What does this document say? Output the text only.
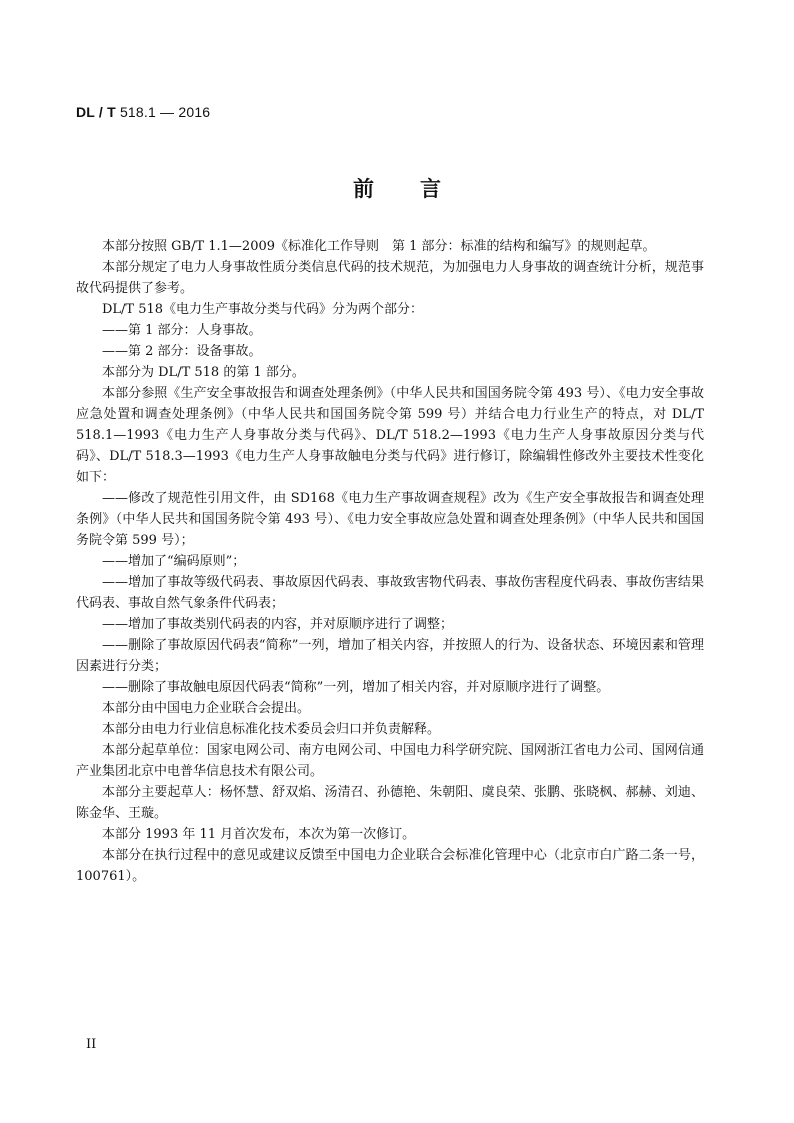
DL / T 518.1 — 2016
前言

本部分按照 GB/T 1.1—2009《标准化工作导则　第 1 部分：标准的结构和编写》的规则起草。

本部分规定了电力人身事故性质分类信息代码的技术规范，为加强电力人身事故的调查统计分析，规范事故代码提供了参考。

DL/T 518《电力生产事故分类与代码》分为两个部分：

——第 1 部分：人身事故。

——第 2 部分：设备事故。

本部分为 DL/T 518 的第 1 部分。

本部分参照《生产安全事故报告和调查处理条例》（中华人民共和国国务院令第 493 号）、《电力安全事故应急处置和调查处理条例》（中华人民共和国国务院令第 599 号）并结合电力行业生产的特点，对 DL/T 518.1—1993《电力生产人身事故分类与代码》、DL/T 518.2—1993《电力生产人身事故原因分类与代码》、DL/T 518.3—1993《电力生产人身事故触电分类与代码》进行修订，除编辑性修改外主要技术性变化如下：

——修改了规范性引用文件，由 SD168《电力生产事故调查规程》改为《生产安全事故报告和调查处理条例》（中华人民共和国国务院令第 493 号）、《电力安全事故应急处置和调查处理条例》（中华人民共和国国务院令第 599 号）；

——增加了“编码原则”；

——增加了事故等级代码表、事故原因代码表、事故致害物代码表、事故伤害程度代码表、事故伤害结果代码表、事故自然气象条件代码表；

——增加了事故类别代码表的内容，并对原顺序进行了调整；

——删除了事故原因代码表“简称”一列，增加了相关内容，并按照人的行为、设备状态、环境因素和管理因素进行分类；

——删除了事故触电原因代码表“简称”一列，增加了相关内容，并对原顺序进行了调整。

本部分由中国电力企业联合会提出。

本部分由电力行业信息标准化技术委员会归口并负责解释。

本部分起草单位：国家电网公司、南方电网公司、中国电力科学研究院、国网浙江省电力公司、国网信通产业集团北京中电普华信息技术有限公司。

本部分主要起草人：杨怀慧、舒双焰、汤清召、孙德艳、朱朝阳、虞良荣、张鹏、张晓枫、郝赫、刘迪、陈金华、王璇。

本部分 1993 年 11 月首次发布，本次为第一次修订。

本部分在执行过程中的意见或建议反馈至中国电力企业联合会标准化管理中心（北京市白广路二条一号，100761）。

II
